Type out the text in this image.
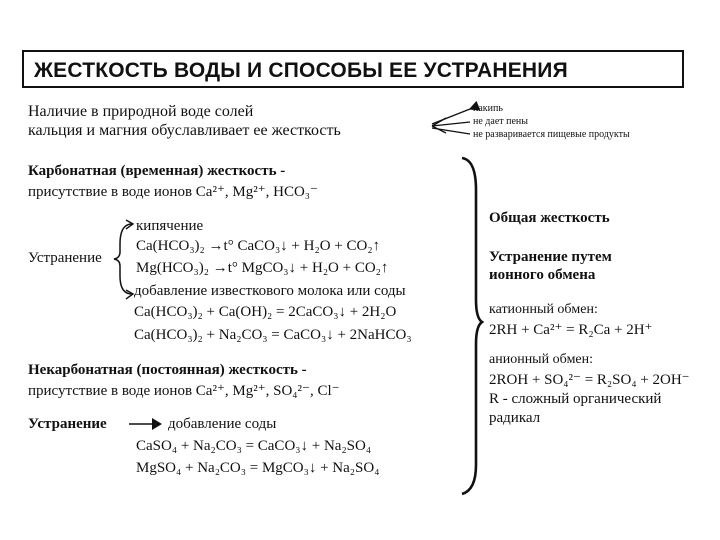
ЖЕСТКОСТЬ ВОДЫ И СПОСОБЫ ЕЕ УСТРАНЕНИЯ
Наличие в природной воде солей
кальция и магния обуславливает ее жесткость
накипь
не дает пены
не разваривается пищевые продукты
Карбонатная (временная) жесткость -
присутствие в воде ионов Ca²⁺, Mg²⁺, HCO₃⁻
Устранение
кипячение
Ca(HCO₃)₂ →t° CaCO₃↓ + H₂O + CO₂↑
Mg(HCO₃)₂ →t° MgCO₃↓ + H₂O + CO₂↑
добавление известкового молока или соды
Ca(HCO₃)₂ + Ca(OH)₂ = 2CaCO₃↓ + 2H₂O
Ca(HCO₃)₂ + Na₂CO₃ = CaCO₃↓ + 2NaHCO₃
Некарбонатная (постоянная) жесткость -
присутствие в воде ионов Ca²⁺, Mg²⁺, SO₄²⁻, Cl⁻
Устранение	добавление соды
CaSO₄ + Na₂CO₃ = CaCO₃↓ + Na₂SO₄
MgSO₄ + Na₂CO₃ = MgCO₃↓ + Na₂SO₄
Общая жесткость
Устранение путем
ионного обмена
катионный обмен:
2RH + Ca²⁺ = R₂Ca + 2H⁺
анионный обмен:
2ROH + SO₄²⁻ = R₂SO₄ + 2OH⁻
R - сложный органический
радикал
